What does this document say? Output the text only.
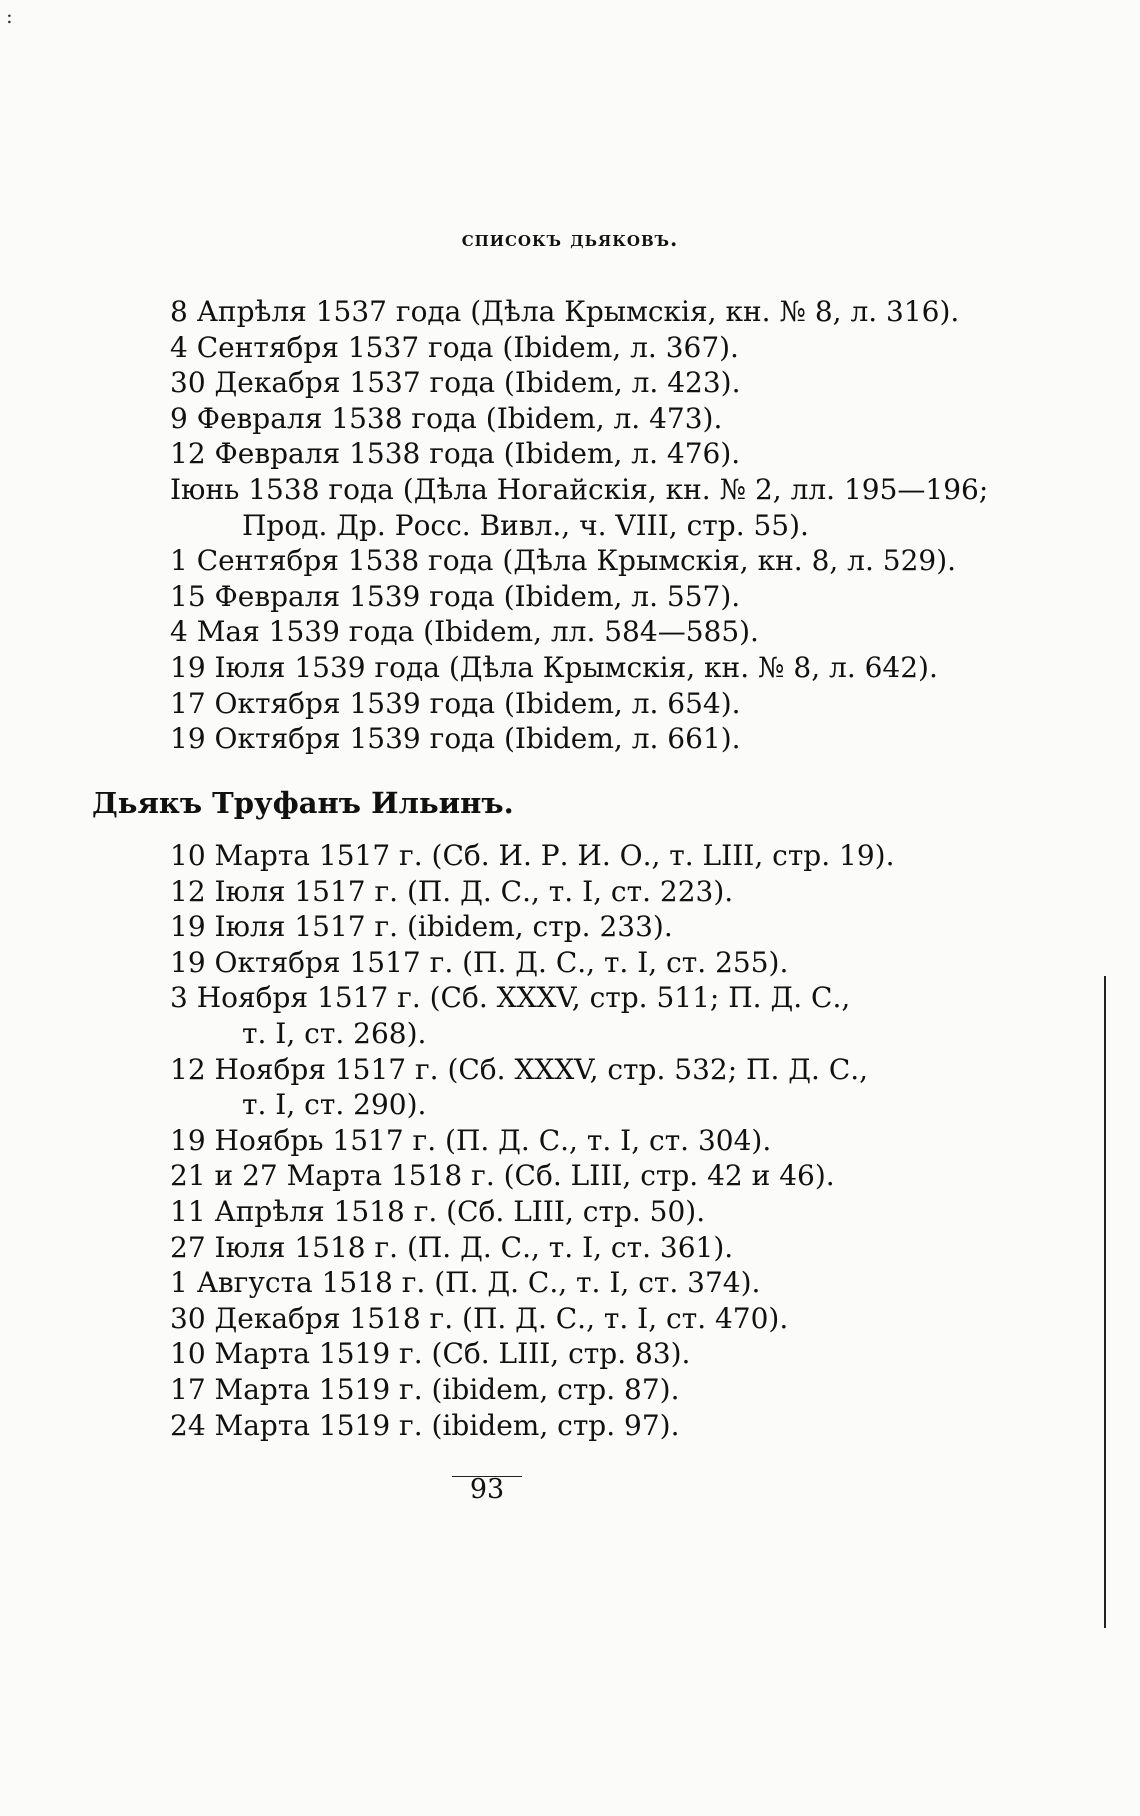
:
списокъ дьяковъ.
8 Апрѣля 1537 года (Дѣла Крымскія, кн. № 8, л. 316).
4 Сентября 1537 года (Ibidem, л. 367).
30 Декабря 1537 года (Ibidem, л. 423).
9 Февраля 1538 года (Ibidem, л. 473).
12 Февраля 1538 года (Ibidem, л. 476).
Іюнь 1538 года (Дѣла Ногайскія, кн. № 2, лл. 195—196;
Прод. Др. Росс. Вивл., ч. VIII, стр. 55).
1 Сентября 1538 года (Дѣла Крымскія, кн. 8, л. 529).
15 Февраля 1539 года (Ibidem, л. 557).
4 Мая 1539 года (Ibidem, лл. 584—585).
19 Іюля 1539 года (Дѣла Крымскія, кн. № 8, л. 642).
17 Октября 1539 года (Ibidem, л. 654).
19 Октября 1539 года (Ibidem, л. 661).
Дьякъ Труфанъ Ильинъ.
10 Марта 1517 г. (Сб. И. Р. И. О., т. LIII, стр. 19).
12 Іюля 1517 г. (П. Д. С., т. I, ст. 223).
19 Іюля 1517 г. (ibidem, стр. 233).
19 Октября 1517 г. (П. Д. С., т. I, ст. 255).
3 Ноября 1517 г. (Сб. XXXV, стр. 511; П. Д. С.,
т. I, ст. 268).
12 Ноября 1517 г. (Сб. XXXV, стр. 532; П. Д. С.,
т. I, ст. 290).
19 Ноябрь 1517 г. (П. Д. С., т. I, ст. 304).
21 и 27 Марта 1518 г. (Сб. LIII, стр. 42 и 46).
11 Апрѣля 1518 г. (Сб. LIII, стр. 50).
27 Іюля 1518 г. (П. Д. С., т. I, ст. 361).
1 Августа 1518 г. (П. Д. С., т. I, ст. 374).
30 Декабря 1518 г. (П. Д. С., т. I, ст. 470).
10 Марта 1519 г. (Сб. LIII, стр. 83).
17 Марта 1519 г. (ibidem, стр. 87).
24 Марта 1519 г. (ibidem, стр. 97).
93
